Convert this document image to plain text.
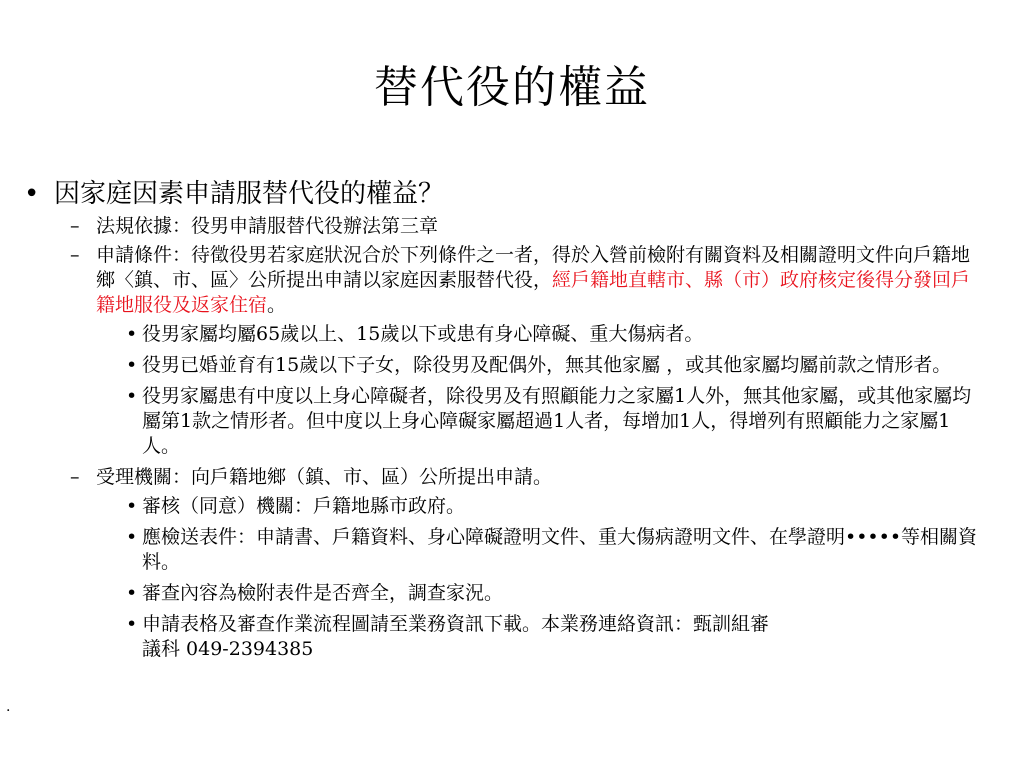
替代役的權益
• 因家庭因素申請服替代役的權益？
– 法規依據：役男申請服替代役辦法第三章
– 申請條件：待徵役男若家庭狀況合於下列條件之一者，得於入營前檢附有關資料及相關證明文件向戶籍地鄉〈鎮、市、區〉公所提出申請以家庭因素服替代役，經戶籍地直轄市、縣（市）政府核定後得分發回戶籍地服役及返家住宿。
• 役男家屬均屬65歲以上、15歲以下或患有身心障礙、重大傷病者。
• 役男已婚並育有15歲以下子女，除役男及配偶外，無其他家屬 ，或其他家屬均屬前款之情形者。
• 役男家屬患有中度以上身心障礙者，除役男及有照顧能力之家屬1人外，無其他家屬，或其他家屬均屬第1款之情形者。但中度以上身心障礙家屬超過1人者，每增加1人，得增列有照顧能力之家屬1人。
– 受理機關：向戶籍地鄉（鎮、市、區）公所提出申請。
• 審核（同意）機關：戶籍地縣市政府。
• 應檢送表件：申請書、戶籍資料、身心障礙證明文件、重大傷病證明文件、在學證明•••••等相關資料。
• 審查內容為檢附表件是否齊全，調查家況。
• 申請表格及審查作業流程圖請至業務資訊下載。本業務連絡資訊：甄訓組審
議科 049-2394385
.
